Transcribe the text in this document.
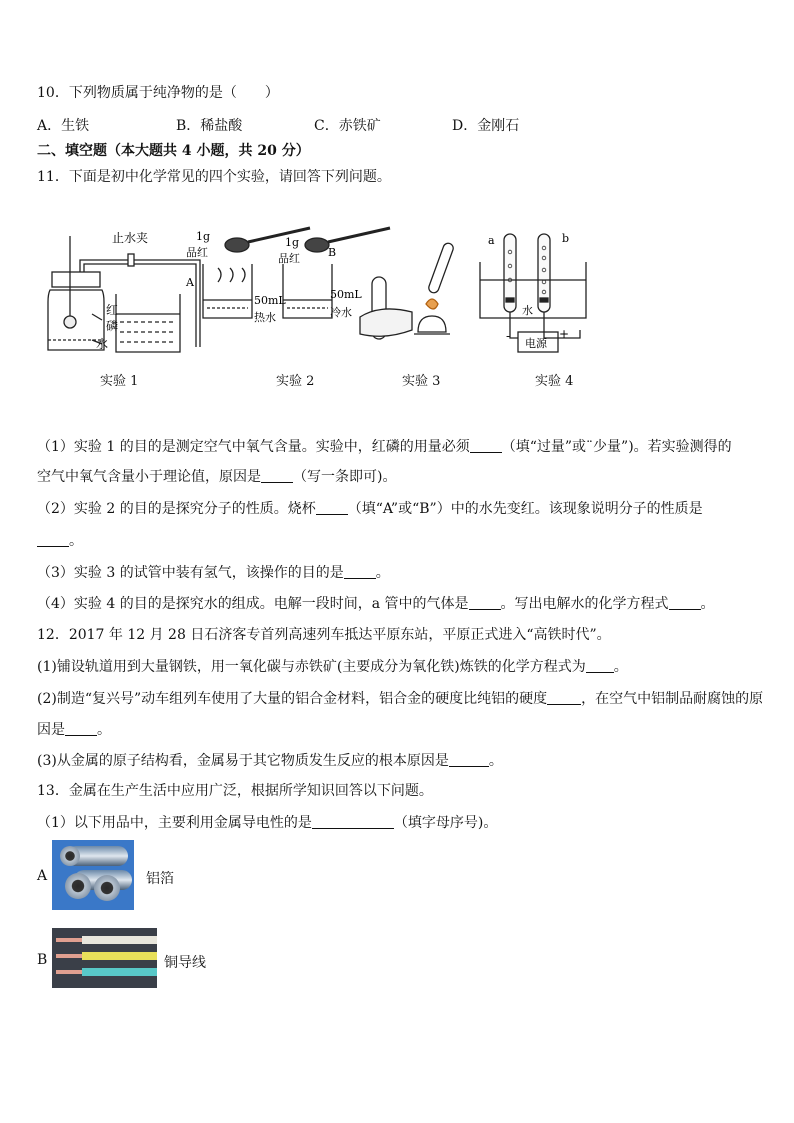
10．下列物质属于纯净物的是（　　）
A．生铁	B．稀盐酸	C．赤铁矿	D．金刚石
二、填空题（本大题共 4 小题，共 20 分）
11．下面是初中化学常见的四个实验，请回答下列问题。
止水夹
红
磷
水
1g
品红
1g
品红
A
B
50mL	50mL
热水	冷水
a	b
水
-	+
电源
实验 1	实验 2	实验 3	实验 4
（1）实验 1 的目的是测定空气中氧气含量。实验中，红磷的用量必须 （填“过量”或¨少量”)。若实验测得的
空气中氧气含量小于理论值，原因是 （写一条即可)。
（2）实验 2 的目的是探究分子的性质。烧杯 （填“A”或“B”）中的水先变红。该现象说明分子的性质是
。
（3）实验 3 的试管中装有氢气，该操作的目的是 。
（4）实验 4 的目的是探究水的组成。电解一段时间，a 管中的气体是 。写出电解水的化学方程式 。
12．2017 年 12 月 28 日石济客专首列高速列车抵达平原东站，平原正式进入“高铁时代”。
(1)铺设轨道用到大量钢铁，用一氧化碳与赤铁矿(主要成分为氧化铁)炼铁的化学方程式为 。
(2)制造“复兴号”动车组列车使用了大量的铝合金材料，铝合金的硬度比纯铝的硬度 ，在空气中铝制品耐腐蚀的原
因是 。
(3)从金属的原子结构看，金属易于其它物质发生反应的根本原因是	。
13．金属在生产生活中应用广泛，根据所学知识回答以下问题。
（1）以下用品中，主要利用金属导电性的是	（填字母序号)。
A	铝箔
B	铜导线
